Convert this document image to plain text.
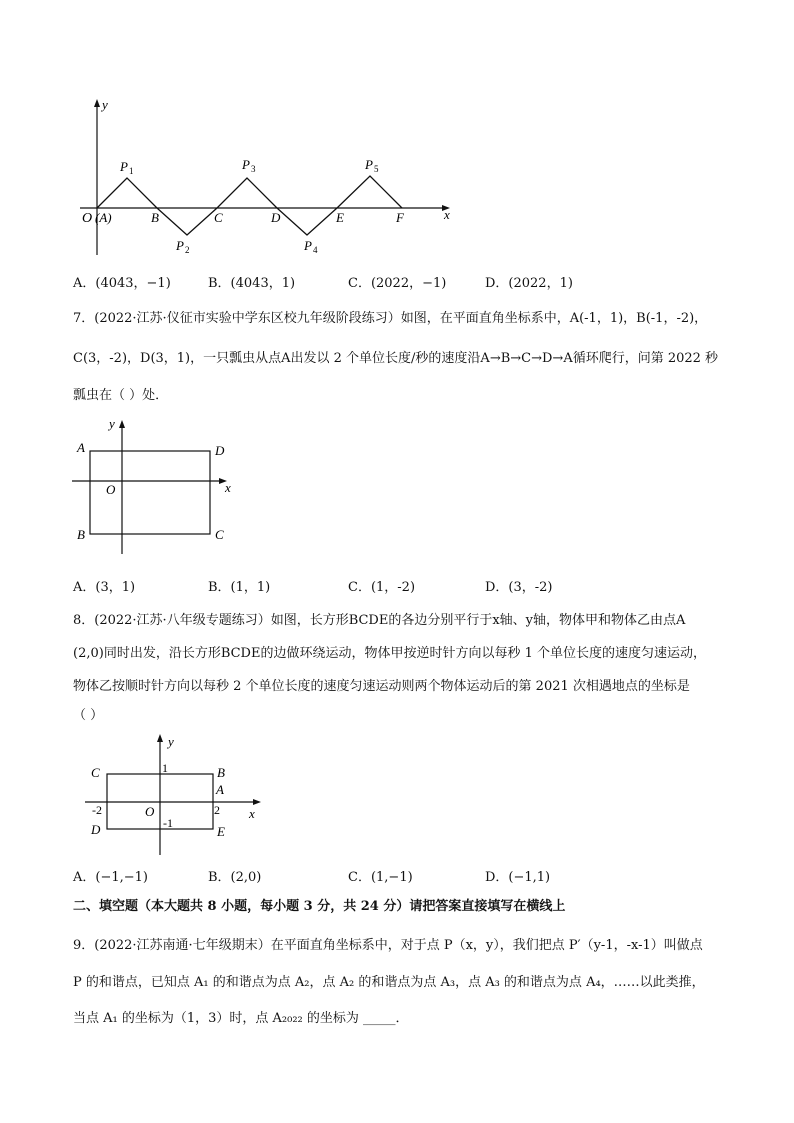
y
x
O (A)
P 1
P 2
P 3
P 4
P 5
B	C	D	E	F
A．(4043，−1)	B．(4043，1)	C．(2022，−1)	D．(2022，1)
7．(2022·江苏·仪征市实验中学东区校九年级阶段练习）如图，在平面直角坐标系中，A(-1，1)，B(-1，-2)，
C(3，-2)，D(3，1)，一只瓢虫从点A出发以 2 个单位长度/秒的速度沿A→B→C→D→A循环爬行，问第 2022 秒
瓢虫在（ ）处．
A	D
B	C
O	x
y
A．(3，1)	B．(1，1)	C．(1，-2)	D．(3，-2)
8．(2022·江苏·八年级专题练习）如图，长方形BCDE的各边分别平行于x轴、y轴，物体甲和物体乙由点A
(2,0)同时出发，沿长方形BCDE的边做环绕运动，物体甲按逆时针方向以每秒 1 个单位长度的速度匀速运动，
物体乙按顺时针方向以每秒 2 个单位长度的速度匀速运动则两个物体运动后的第 2021 次相遇地点的坐标是
（ ）
C	B
A
D	E
O	x
y
1
-1
2
-2
A．(−1,−1)	B．(2,0)	C．(1,−1)	D．(−1,1)
二、填空题（本大题共 8 小题，每小题 3 分，共 24 分）请把答案直接填写在横线上
9．(2022·江苏南通·七年级期末）在平面直角坐标系中，对于点 P（x，y），我们把点 P′（y-1，-x-1）叫做点
P 的和谐点，已知点 A₁ 的和谐点为点 A₂，点 A₂ 的和谐点为点 A₃，点 A₃ 的和谐点为点 A₄，……以此类推，
当点 A₁ 的坐标为（1，3）时，点 A₂₀₂₂ 的坐标为 _____．
